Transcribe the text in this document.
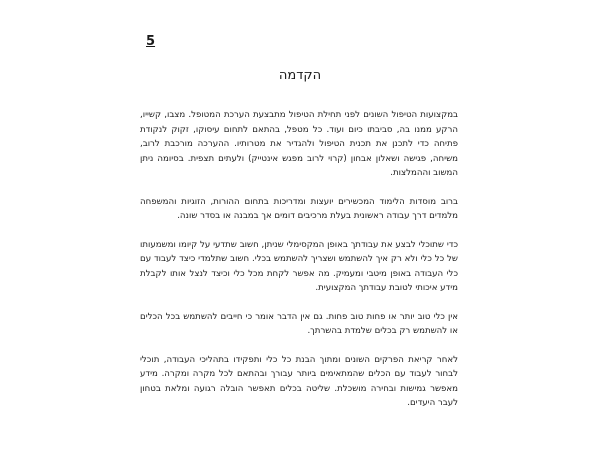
5
הקדמה

במקצועות הטיפול השונים לפני תחילת הטיפול מתבצעת הערכת המטופל. מצבו, קשייו, הרקע ממנו בה, סביבתו כיום ועוד. כל מטפל, בהתאם לתחום עיסוקו, זקוק לנקודת פתיחה כדי לתכנן את תכנית הטיפול ולהגדיר את מטרותיו. ההערכה מורכבת לרוב, משיחה, פגישה ושאלון אבחון (קרוי לרוב מפגש אינטייק) ולעתים תצפית. בסיומה ניתן המשוב וההמלצות.

ברוב מוסדות הלימוד המכשירים יועצות ומדריכות בתחום ההורות, הזוגיות והמשפחה מלמדים דרך עבודה ראשונית בעלת מרכיבים דומים אך במבנה או בסדר שונה.

כדי שתוכלי לבצע את עבודתך באופן המקסימלי שניתן, חשוב שתדעי על קיומו ומשמעותו של כל כלי ולא רק איך להשתמש ושצריך להשתמש בכלי. חשוב שתלמדי כיצד לעבוד עם כלי העבודה באופן מיטבי ומעמיק. מה אפשר לקחת מכל כלי וכיצד לנצל אותו לקבלת מידע איכותי לטובת עבודתך המקצועית.

אין כלי טוב יותר או פחות טוב פחות. גם אין הדבר אומר כי חייבים להשתמש בכל הכלים או להשתמש רק בכלים שלמדת בהשרתך.

לאחר קריאת הפרקים השונים ומתוך הבנת כל כלי ותפקידו בתהליכי העבודה, תוכלי לבחור לעבוד עם הכלים שהמתאימים ביותר עבורך ובהתאם לכל מקרה ומקרה. מידע מאפשר גמישות ובחירה מושכלת. שליטה בכלים תאפשר הובלה רגועה ומלאת בטחון לעבר היעדים.
